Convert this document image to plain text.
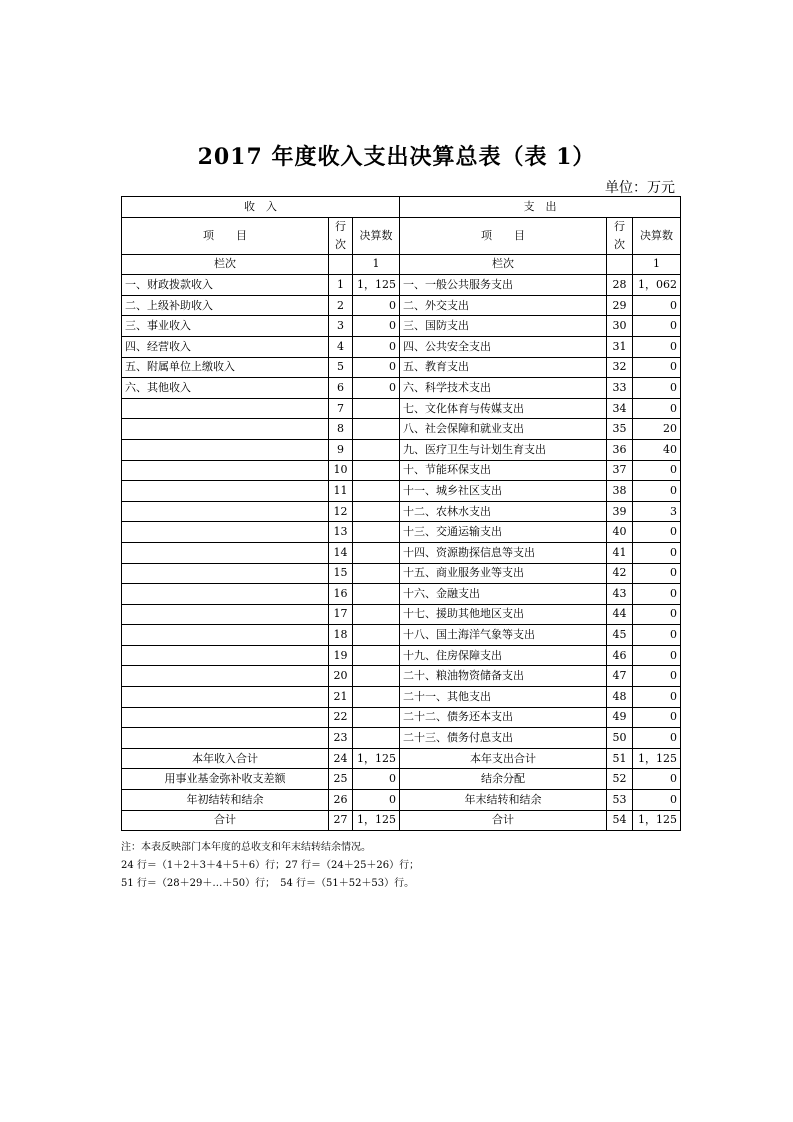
2017 年度收入支出决算总表（表 1）
单位：万元
收　入			支　出		
项　　目	行次	决算数	项　　目	行次	决算数
栏次		1	栏次		1
一、财政拨款收入	1	1，125	一、一般公共服务支出	28	1，062
二、上级补助收入	2	0	二、外交支出	29	0
三、事业收入	3	0	三、国防支出	30	0
四、经营收入	4	0	四、公共安全支出	31	0
五、附属单位上缴收入	5	0	五、教育支出	32	0
六、其他收入	6	0	六、科学技术支出	33	0
	7		七、文化体育与传媒支出	34	0
	8		八、社会保障和就业支出	35	20
	9		九、医疗卫生与计划生育支出	36	40
	10		十、节能环保支出	37	0
	11		十一、城乡社区支出	38	0
	12		十二、农林水支出	39	3
	13		十三、交通运输支出	40	0
	14		十四、资源勘探信息等支出	41	0
	15		十五、商业服务业等支出	42	0
	16		十六、金融支出	43	0
	17		十七、援助其他地区支出	44	0
	18		十八、国土海洋气象等支出	45	0
	19		十九、住房保障支出	46	0
	20		二十、粮油物资储备支出	47	0
	21		二十一、其他支出	48	0
	22		二十二、债务还本支出	49	0
	23		二十三、债务付息支出	50	0
本年收入合计	24	1，125	本年支出合计	51	1，125
用事业基金弥补收支差额	25	0	结余分配	52	0
年初结转和结余	26	0	年末结转和结余	53	0
合计	27	1，125	合计	54	1，125
注：本表反映部门本年度的总收支和年末结转结余情况。
24 行＝（1＋2＋3＋4＋5＋6）行；27 行＝（24＋25＋26）行；
51 行＝（28＋29＋…＋50）行；　54 行＝（51＋52＋53）行。
